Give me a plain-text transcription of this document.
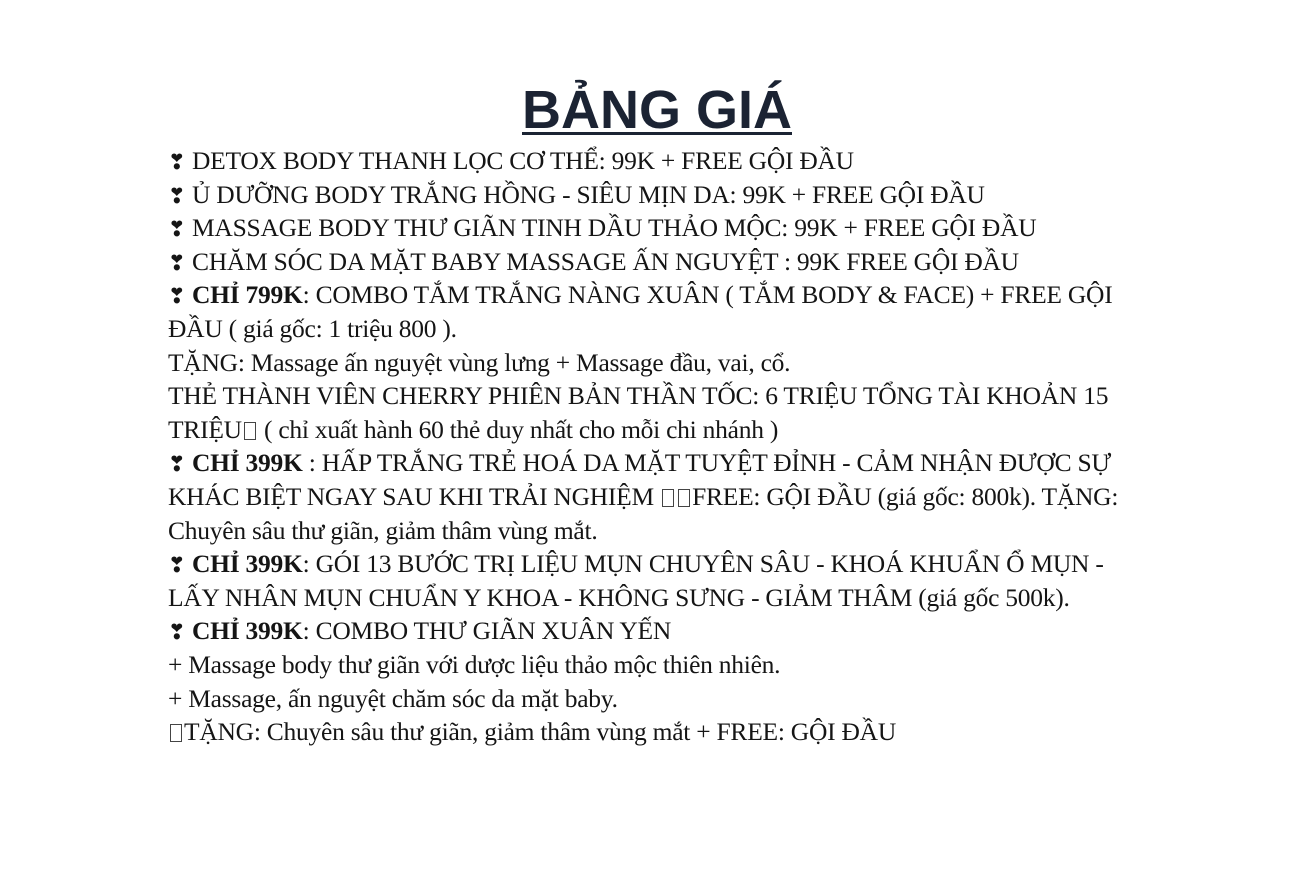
BẢNG GIÁ

❣ DETOX BODY THANH LỌC CƠ THỂ: 99K + FREE GỘI ĐẦU

❣ Ủ DƯỠNG BODY TRẮNG HỒNG - SIÊU MỊN DA: 99K + FREE GỘI ĐẦU

❣ MASSAGE BODY THƯ GIÃN TINH DẦU THẢO MỘC: 99K + FREE GỘI ĐẦU

❣ CHĂM SÓC DA MẶT BABY MASSAGE ẤN NGUYỆT : 99K FREE GỘI ĐẦU

❣ CHỈ 799K: COMBO TẮM TRẮNG NÀNG XUÂN ( TẮM BODY & FACE) + FREE GỘI ĐẦU ( giá gốc: 1 triệu 800 ).

TẶNG: Massage ấn nguyệt vùng lưng + Massage đầu, vai, cổ.

THẺ THÀNH VIÊN CHERRY PHIÊN BẢN THẦN TỐC: 6 TRIỆU TỔNG TÀI KHOẢN 15 TRIỆU ( chỉ xuất hành 60 thẻ duy nhất cho mỗi chi nhánh )

❣ CHỈ 399K : HẤP TRẮNG TRẺ HOÁ DA MẶT TUYỆT ĐỈNH - CẢM NHẬN ĐƯỢC SỰ KHÁC BIỆT NGAY SAU KHI TRẢI NGHIỆM FREE: GỘI ĐẦU (giá gốc: 800k). TẶNG: Chuyên sâu thư giãn, giảm thâm vùng mắt.

❣ CHỈ 399K: GÓI 13 BƯỚC TRỊ LIỆU MỤN CHUYÊN SÂU - KHOÁ KHUẨN Ổ MỤN - LẤY NHÂN MỤN CHUẨN Y KHOA - KHÔNG SƯNG - GIẢM THÂM (giá gốc 500k).

❣ CHỈ 399K: COMBO THƯ GIÃN XUÂN YẾN

+ Massage body thư giãn với dược liệu thảo mộc thiên nhiên.

+ Massage, ấn nguyệt chăm sóc da mặt baby.

TẶNG: Chuyên sâu thư giãn, giảm thâm vùng mắt + FREE: GỘI ĐẦU
